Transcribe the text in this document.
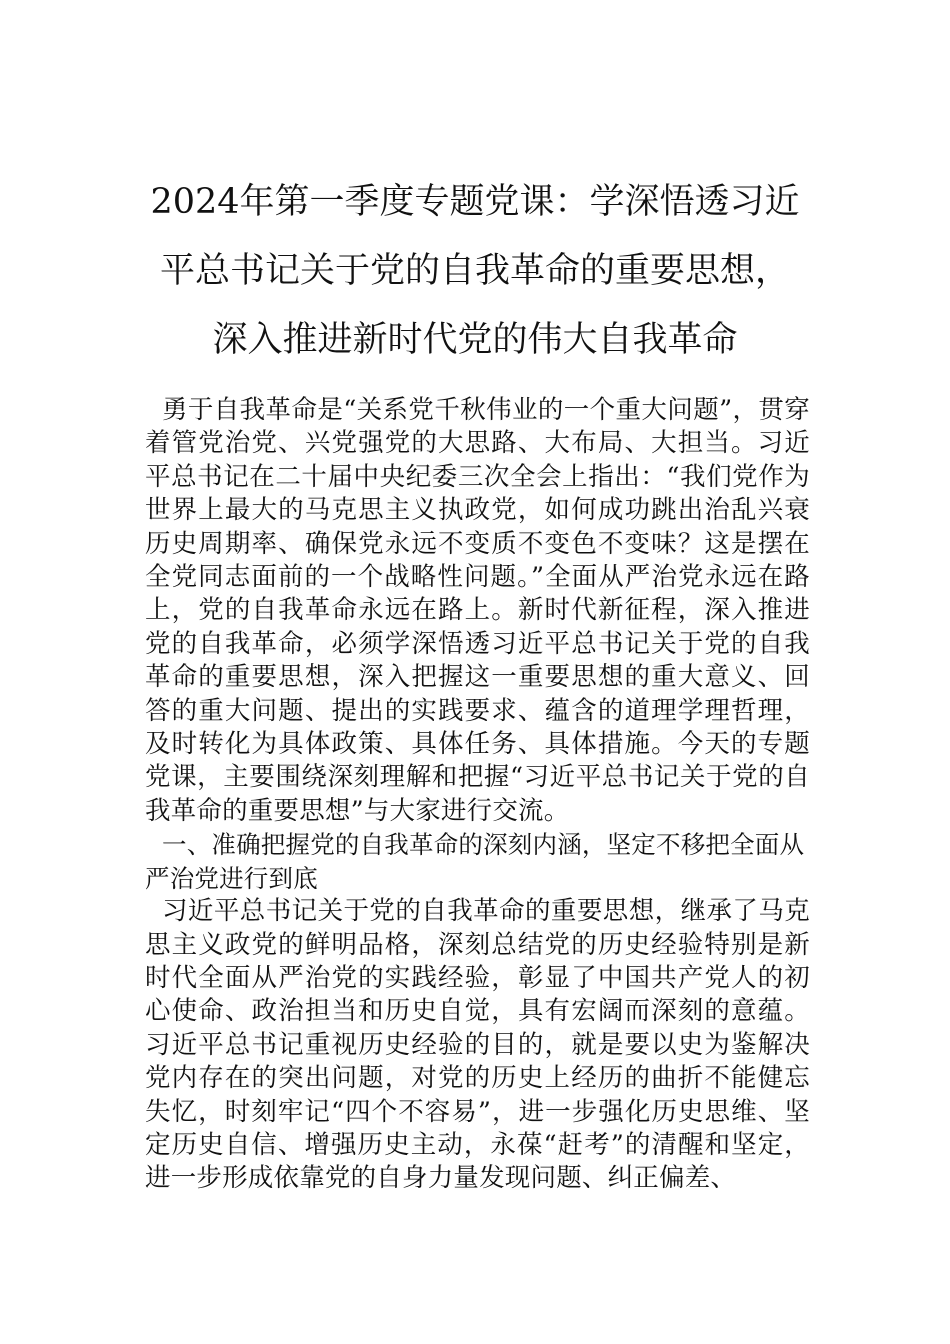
2024年第一季度专题党课：学深悟透习近
平总书记关于党的自我革命的重要思想，
深入推进新时代党的伟大自我革命

勇于自我革命是“关系党千秋伟业的一个重大问题”，贯穿着管党治党、兴党强党的大思路、大布局、大担当。习近平总书记在二十届中央纪委三次全会上指出：“我们党作为世界上最大的马克思主义执政党，如何成功跳出治乱兴衰历史周期率、确保党永远不变质不变色不变味？这是摆在全党同志面前的一个战略性问题。”全面从严治党永远在路上，党的自我革命永远在路上。新时代新征程，深入推进党的自我革命，必须学深悟透习近平总书记关于党的自我革命的重要思想，深入把握这一重要思想的重大意义、回答的重大问题、提出的实践要求、蕴含的道理学理哲理，及时转化为具体政策、具体任务、具体措施。今天的专题党课，主要围绕深刻理解和把握“习近平总书记关于党的自我革命的重要思想”与大家进行交流。

一、准确把握党的自我革命的深刻内涵，坚定不移把全面从严治党进行到底

习近平总书记关于党的自我革命的重要思想，继承了马克思主义政党的鲜明品格，深刻总结党的历史经验特别是新时代全面从严治党的实践经验，彰显了中国共产党人的初心使命、政治担当和历史自觉，具有宏阔而深刻的意蕴。习近平总书记重视历史经验的目的，就是要以史为鉴解决党内存在的突出问题，对党的历史上经历的曲折不能健忘失忆，时刻牢记“四个不容易”，进一步强化历史思维、坚定历史自信、增强历史主动，永葆“赶考”的清醒和坚定，进一步形成依靠党的自身力量发现问题、纠正偏差、
